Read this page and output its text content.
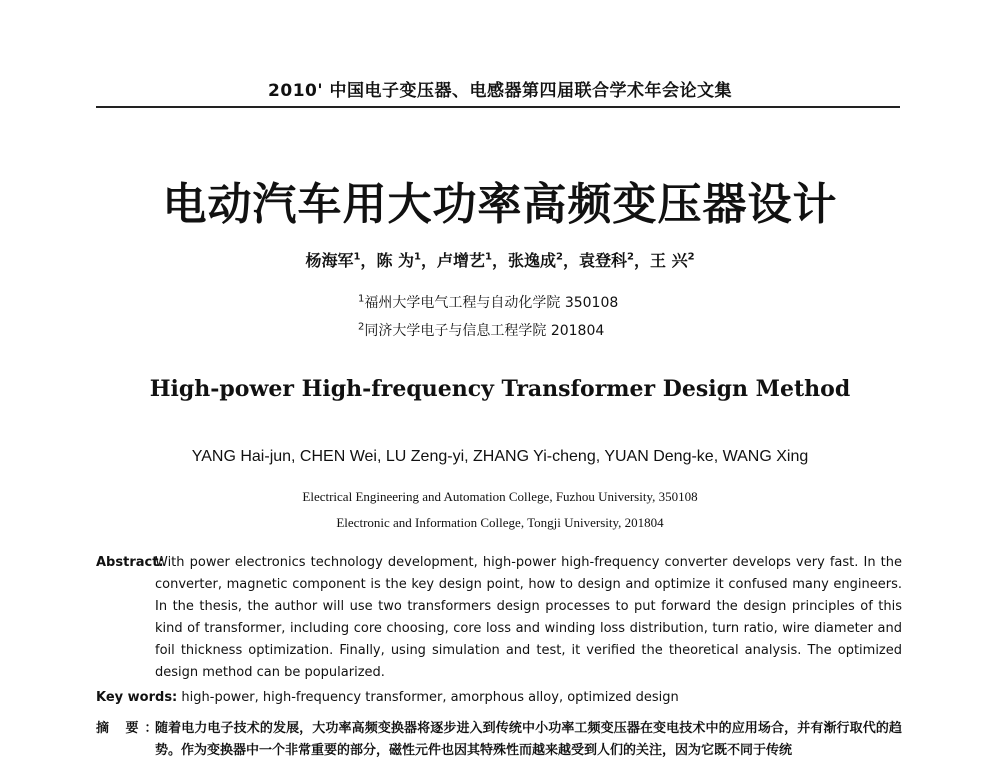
2010' 中国电子变压器、电感器第四届联合学术年会论文集
电动汽车用大功率高频变压器设计
杨海军$^1$，陈 为$^1$，卢增艺$^1$，张逸成$^2$，袁登科$^2$，王 兴$^2$
$^1$福州大学电气工程与自动化学院 350108
$^2$同济大学电子与信息工程学院 201804
High-power High-frequency Transformer Design Method
YANG Hai-jun, CHEN Wei, LU Zeng-yi, ZHANG Yi-cheng, YUAN Deng-ke, WANG Xing
Electrical Engineering and Automation College, Fuzhou University, 350108
Electronic and Information College, Tongji University, 201804
Abstract:
With power electronics technology development, high-power high-frequency converter develops very fast. In the converter, magnetic component is the key design point, how to design and optimize it confused many engineers. In the thesis, the author will use two transformers design processes to put forward the design principles of this kind of transformer, including core choosing, core loss and winding loss distribution, turn ratio, wire diameter and foil thickness optimization. Finally, using simulation and test, it verified the theoretical analysis. The optimized design method can be popularized.
Key words: high-power, high-frequency transformer, amorphous alloy, optimized design
摘 要：
随着电力电子技术的发展，大功率高频变换器将逐步进入到传统中小功率工频变压器在变电技术中的应用场合，并有渐行取代的趋势。作为变换器中一个非常重要的部分，磁性元件也因其特殊性而越来越受到人们的关注，因为它既不同于传统
